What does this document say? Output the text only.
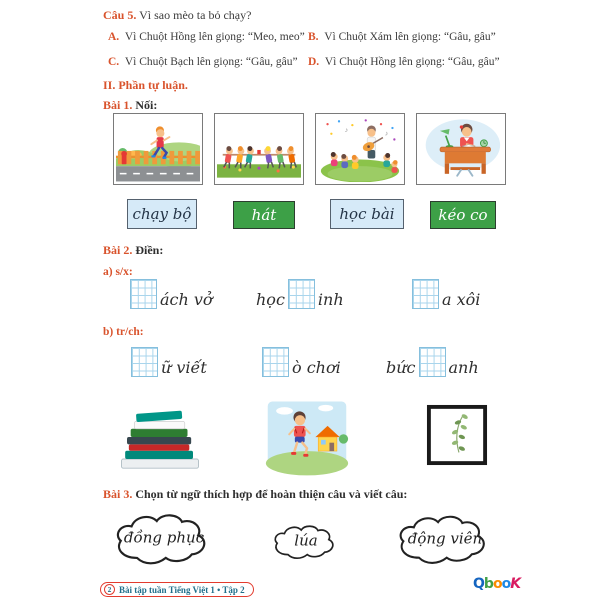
Câu 5. Vì sao mèo ta bỏ chạy?
A. Vì Chuột Hồng lên giọng: “Meo, meo” B. Vì Chuột Xám lên giọng: “Gâu, gâu”
C. Vì Chuột Bạch lên giọng: “Gâu, gâu” D. Vì Chuột Hồng lên giọng: “Gâu, gâu”
II. Phần tự luận.
Bài 1. Nối:
♪
♪
chạy bộ	hát	học bài	kéo co
Bài 2. Điền:
a) s/x:
ách vở	học inh	a xôi
b) tr/ch:
ữ viết	ò chơi	bức anh
Bài 3. Chọn từ ngữ thích hợp để hoàn thiện câu và viết câu:
đồng phục	lúa	động viên
2 Bài tập tuần Tiếng Việt 1 • Tập 2	QbooK
